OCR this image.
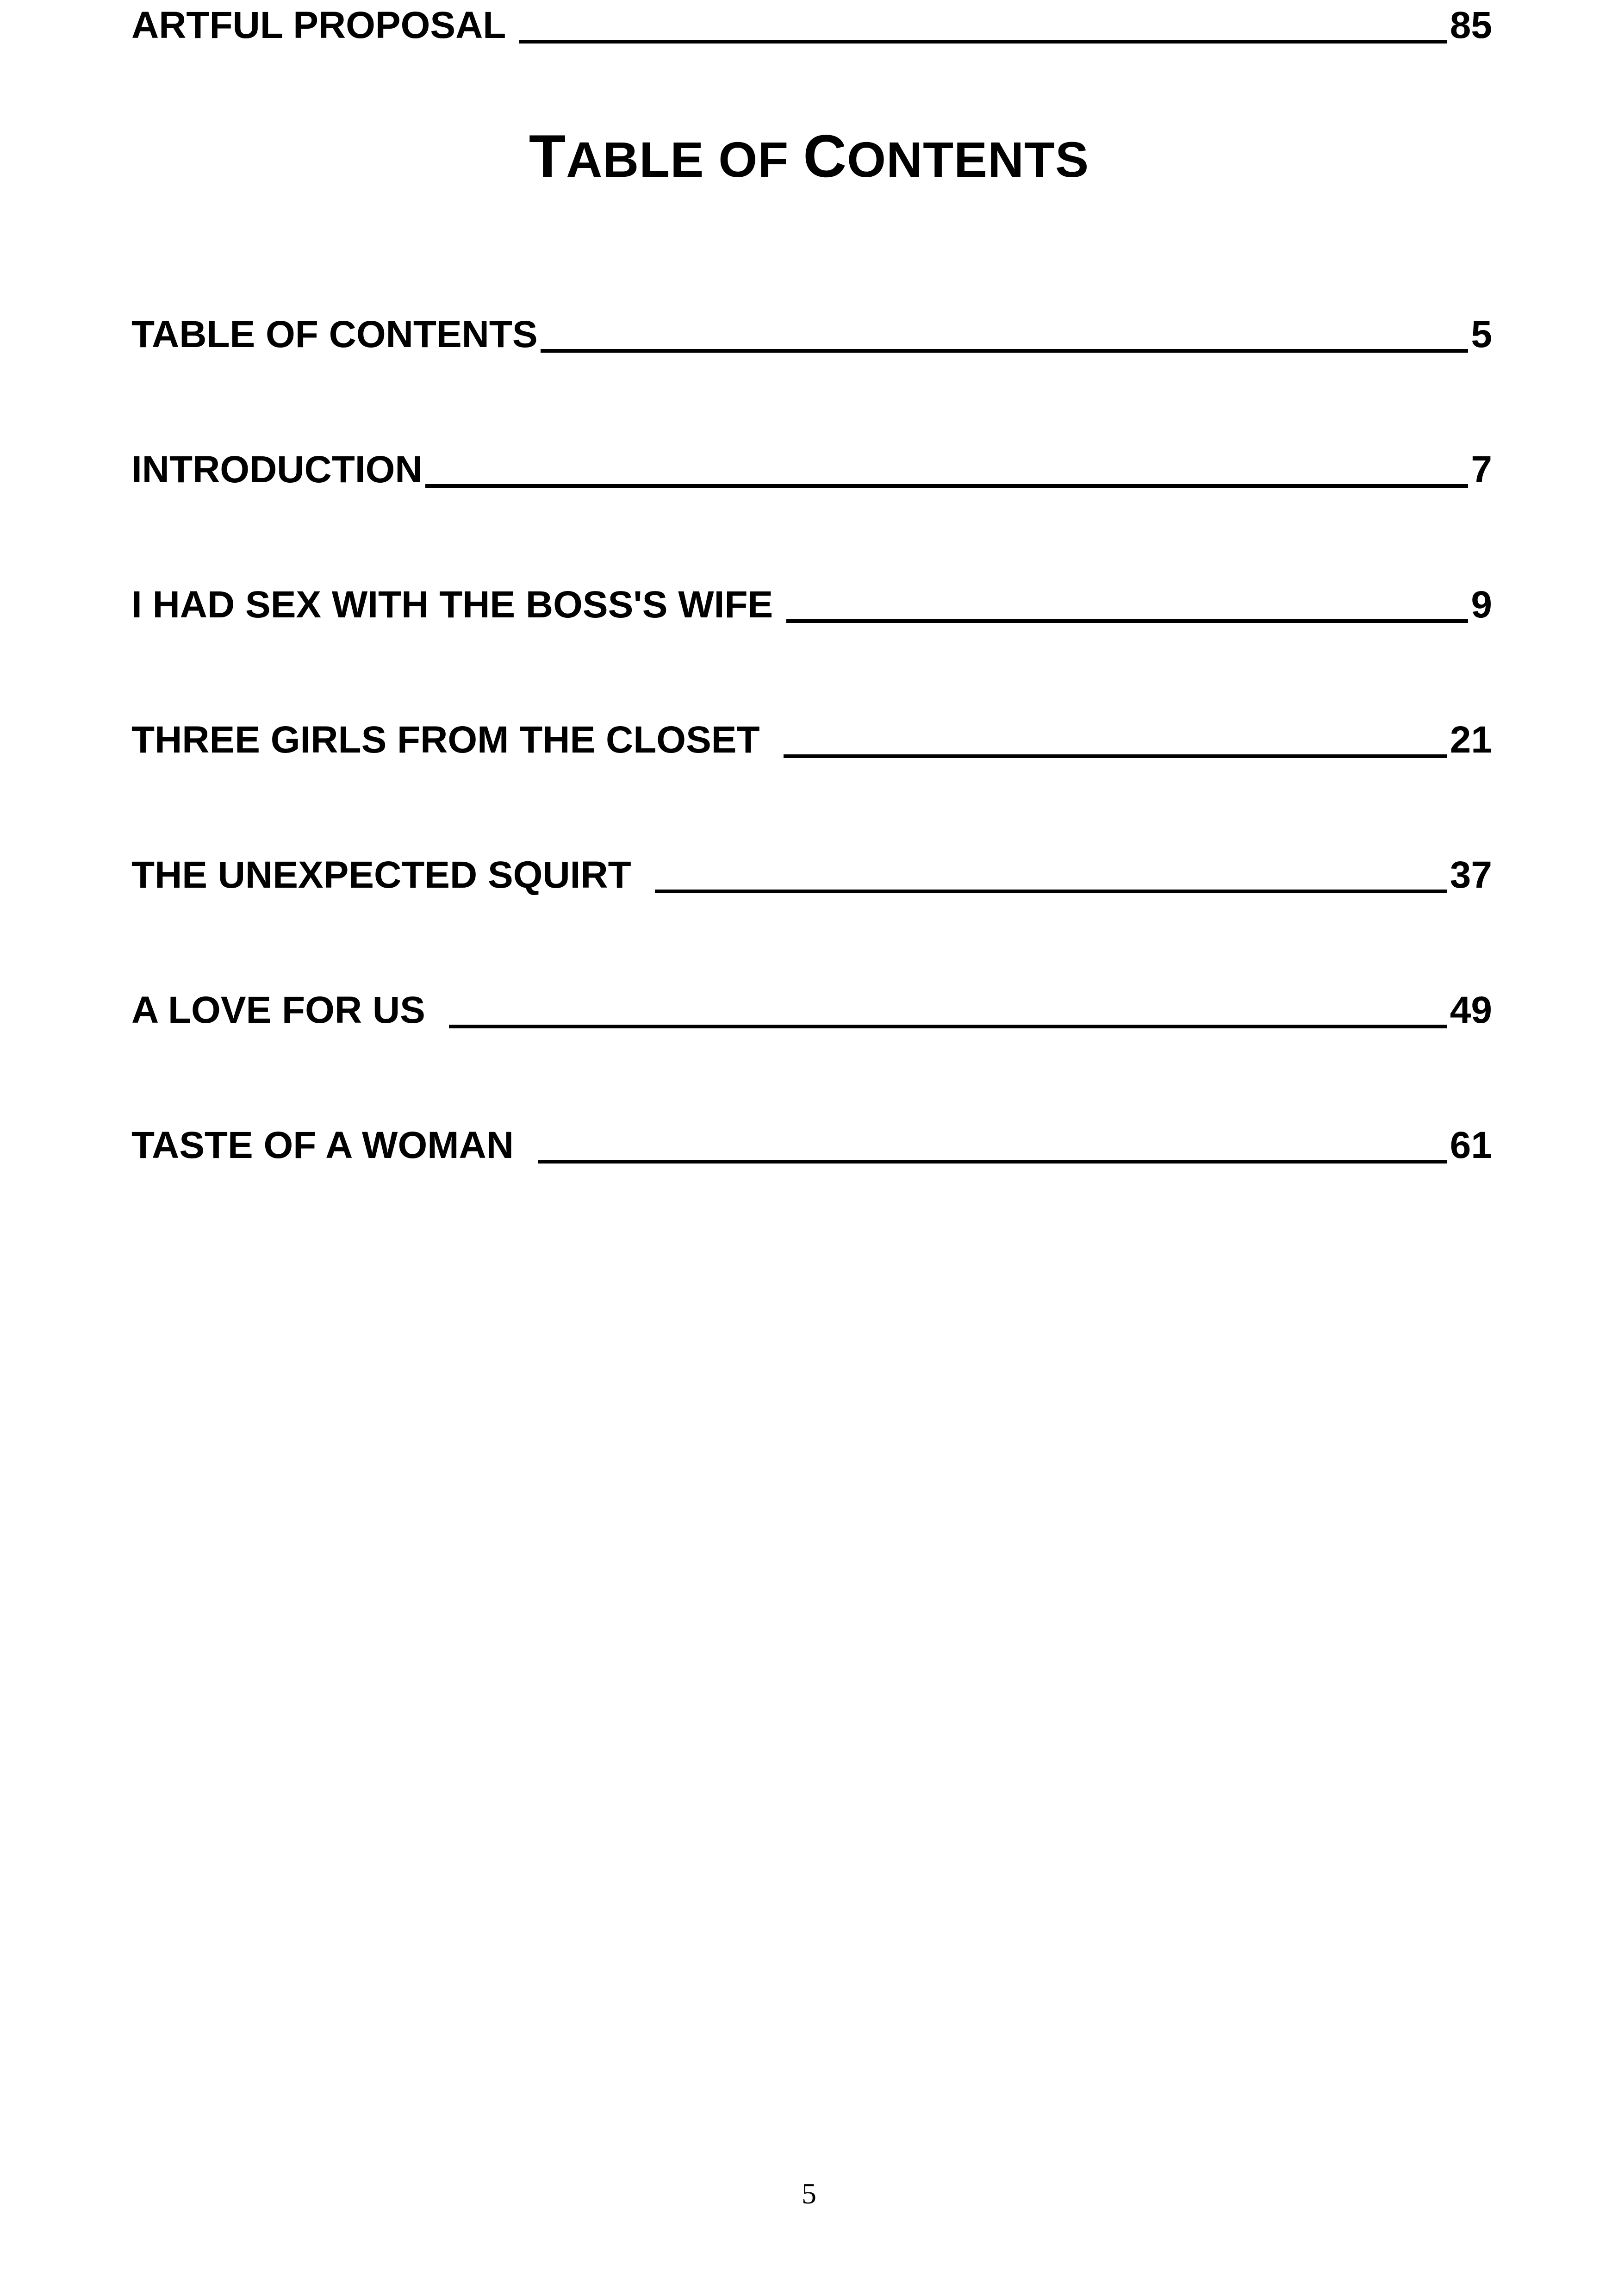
TABLE OF CONTENTS
TABLE OF CONTENTS	5
INTRODUCTION	7
I HAD SEX WITH THE BOSS'S WIFE	9
THREE GIRLS FROM THE CLOSET	21
THE UNEXPECTED SQUIRT	37
A LOVE FOR US	49
TASTE OF A WOMAN	61
ARTFUL PROPOSAL	85
5
